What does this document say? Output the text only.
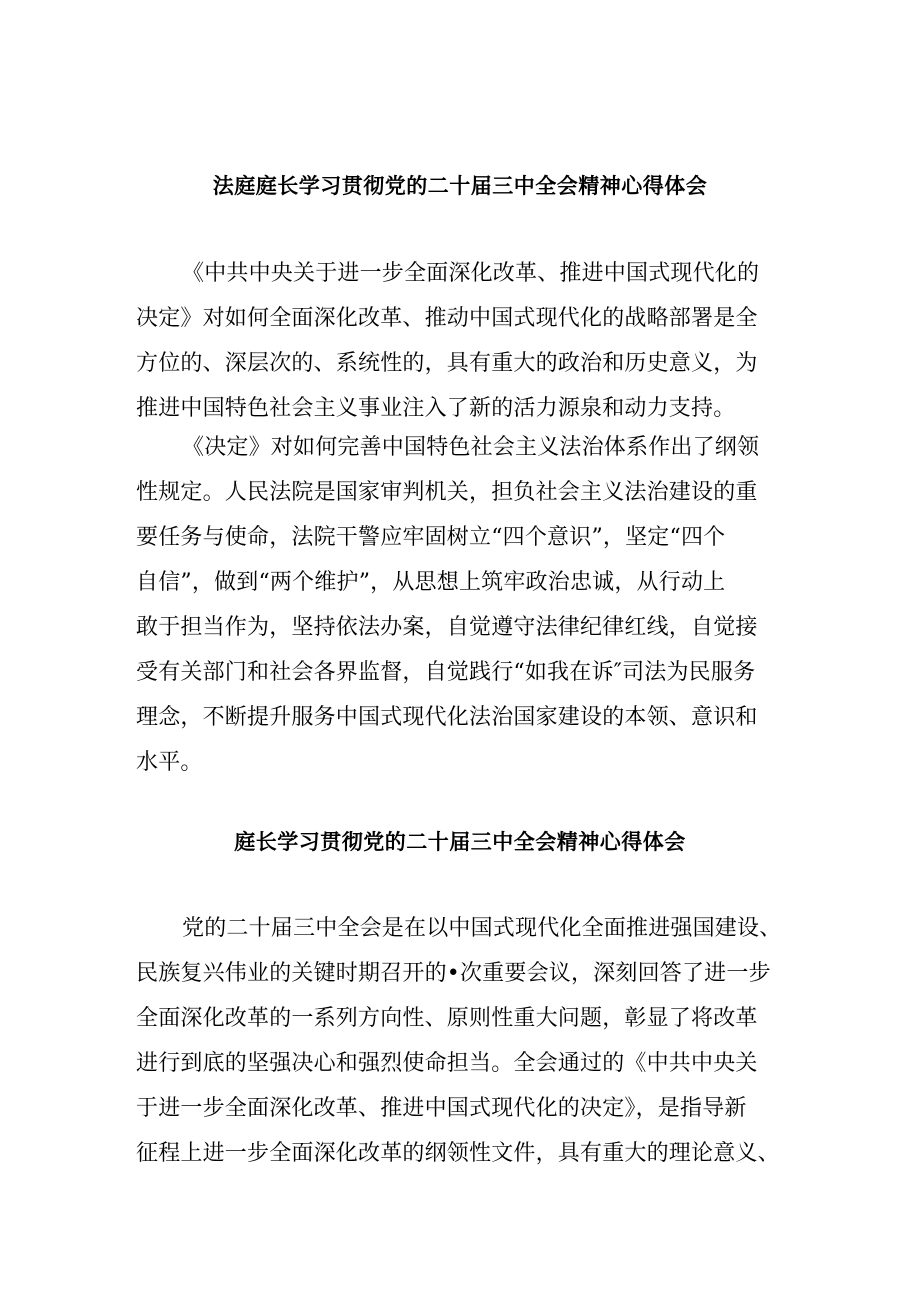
法庭庭长学习贯彻党的二十届三中全会精神心得体会
《中共中央关于进一步全面深化改革、推进中国式现代化的
决定》对如何全面深化改革、推动中国式现代化的战略部署是全
方位的、深层次的、系统性的，具有重大的政治和历史意义，为
推进中国特色社会主义事业注入了新的活力源泉和动力支持。
《决定》对如何完善中国特色社会主义法治体系作出了纲领
性规定。人民法院是国家审判机关，担负社会主义法治建设的重
要任务与使命，法院干警应牢固树立“四个意识”，坚定“四个
自信”，做到“两个维护”，从思想上筑牢政治忠诚，从行动上
敢于担当作为，坚持依法办案，自觉遵守法律纪律红线，自觉接
受有关部门和社会各界监督，自觉践行“如我在诉″司法为民服务
理念，不断提升服务中国式现代化法治国家建设的本领、意识和
水平。
庭长学习贯彻党的二十届三中全会精神心得体会
党的二十届三中全会是在以中国式现代化全面推进强国建设、
民族复兴伟业的关键时期召开的•次重要会议，深刻回答了进一步
全面深化改革的一系列方向性、原则性重大问题，彰显了将改革
进行到底的坚强决心和强烈使命担当。全会通过的《中共中央关
于进一步全面深化改革、推进中国式现代化的决定》，是指导新
征程上进一步全面深化改革的纲领性文件，具有重大的理论意义、
